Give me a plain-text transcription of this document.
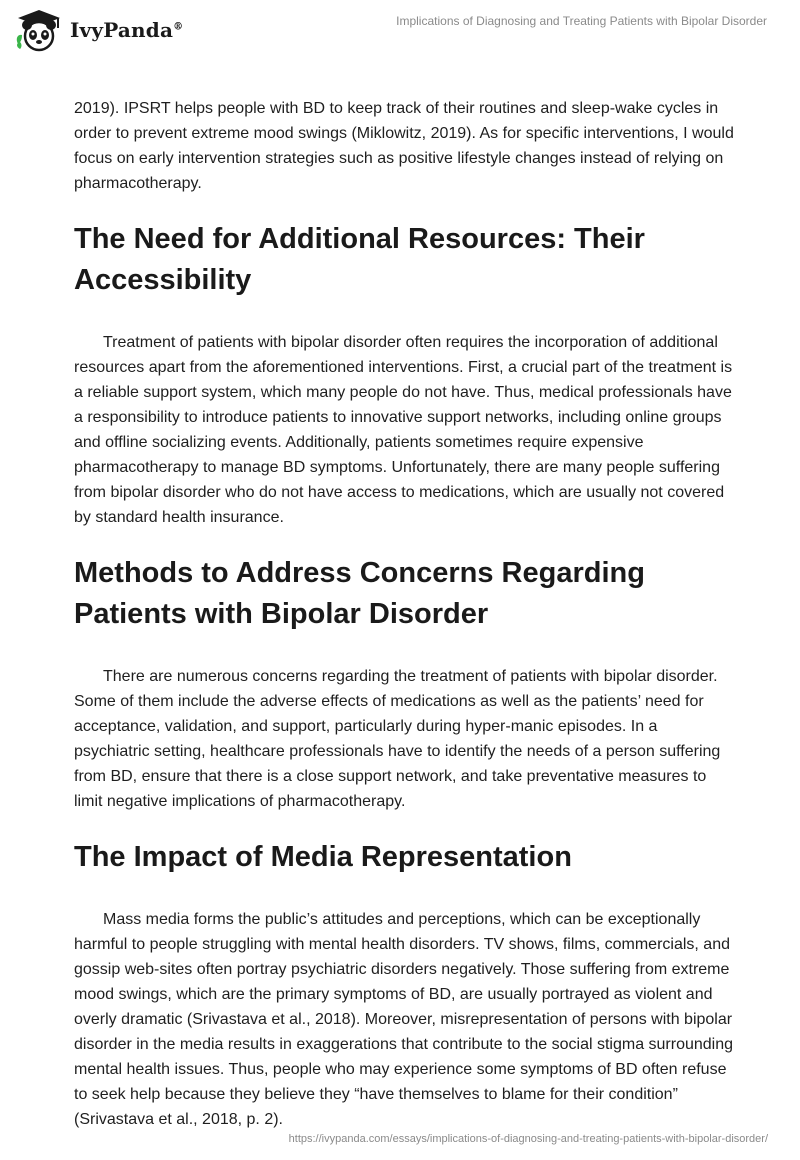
IvyPanda®	Implications of Diagnosing and Treating Patients with Bipolar Disorder

2019). IPSRT helps people with BD to keep track of their routines and sleep-wake cycles in order to prevent extreme mood swings (Miklowitz, 2019). As for specific interventions, I would focus on early intervention strategies such as positive lifestyle changes instead of relying on pharmacotherapy.

The Need for Additional Resources: Their Accessibility

Treatment of patients with bipolar disorder often requires the incorporation of additional resources apart from the aforementioned interventions. First, a crucial part of the treatment is a reliable support system, which many people do not have. Thus, medical professionals have a responsibility to introduce patients to innovative support networks, including online groups and offline socializing events. Additionally, patients sometimes require expensive pharmacotherapy to manage BD symptoms. Unfortunately, there are many people suffering from bipolar disorder who do not have access to medications, which are usually not covered by standard health insurance.

Methods to Address Concerns Regarding Patients with Bipolar Disorder

There are numerous concerns regarding the treatment of patients with bipolar disorder. Some of them include the adverse effects of medications as well as the patients’ need for acceptance, validation, and support, particularly during hyper-manic episodes. In a psychiatric setting, healthcare professionals have to identify the needs of a person suffering from BD, ensure that there is a close support network, and take preventative measures to limit negative implications of pharmacotherapy.

The Impact of Media Representation

Mass media forms the public’s attitudes and perceptions, which can be exceptionally harmful to people struggling with mental health disorders. TV shows, films, commercials, and gossip web-sites often portray psychiatric disorders negatively. Those suffering from extreme mood swings, which are the primary symptoms of BD, are usually portrayed as violent and overly dramatic (Srivastava et al., 2018). Moreover, misrepresentation of persons with bipolar disorder in the media results in exaggerations that contribute to the social stigma surrounding mental health issues. Thus, people who may experience some symptoms of BD often refuse to seek help because they believe they “have themselves to blame for their condition” (Srivastava et al., 2018, p. 2).

https://ivypanda.com/essays/implications-of-diagnosing-and-treating-patients-with-bipolar-disorder/
